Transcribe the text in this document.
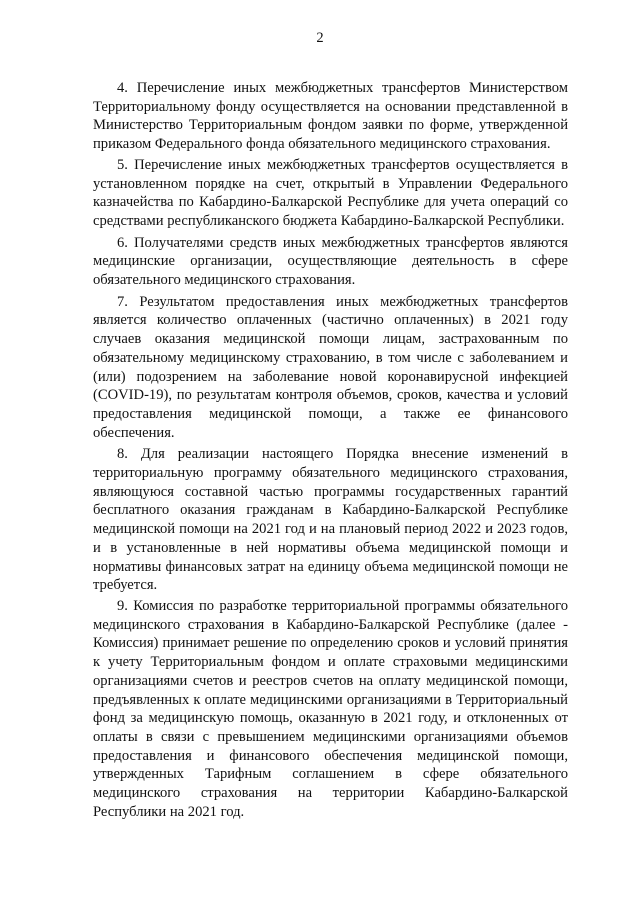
2

4. Перечисление иных межбюджетных трансфертов Министерством Территориальному фонду осуществляется на основании представленной в Министерство Территориальным фондом заявки по форме, утвержденной приказом Федерального фонда обязательного медицинского страхования.

5. Перечисление иных межбюджетных трансфертов осуществляется в установленном порядке на счет, открытый в Управлении Федерального казначейства по Кабардино-Балкарской Республике для учета операций со средствами республиканского бюджета Кабардино-Балкарской Республики.

6. Получателями средств иных межбюджетных трансфертов являются медицинские организации, осуществляющие деятельность в сфере обязательного медицинского страхования.

7. Результатом предоставления иных межбюджетных трансфертов является количество оплаченных (частично оплаченных) в 2021 году случаев оказания медицинской помощи лицам, застрахованным по обязательному медицинскому страхованию, в том числе с заболеванием и (или) подозрением на заболевание новой коронавирусной инфекцией (COVID-19), по результатам контроля объемов, сроков, качества и условий предоставления медицинской помощи, а также ее финансового обеспечения.

8. Для реализации настоящего Порядка внесение изменений в территориальную программу обязательного медицинского страхования, являющуюся составной частью программы государственных гарантий бесплатного оказания гражданам в Кабардино-Балкарской Республике медицинской помощи на 2021 год и на плановый период 2022 и 2023 годов, и в установленные в ней нормативы объема медицинской помощи и нормативы финансовых затрат на единицу объема медицинской помощи не требуется.

9. Комиссия по разработке территориальной программы обязательного медицинского страхования в Кабардино-Балкарской Республике (далее - Комиссия) принимает решение по определению сроков и условий принятия к учету Территориальным фондом и оплате страховыми медицинскими организациями счетов и реестров счетов на оплату медицинской помощи, предъявленных к оплате медицинскими организациями в Территориальный фонд за медицинскую помощь, оказанную в 2021 году, и отклоненных от оплаты в связи с превышением медицинскими организациями объемов предоставления и финансового обеспечения медицинской помощи, утвержденных Тарифным соглашением в сфере обязательного медицинского страхования на территории Кабардино-Балкарской Республики на 2021 год.
